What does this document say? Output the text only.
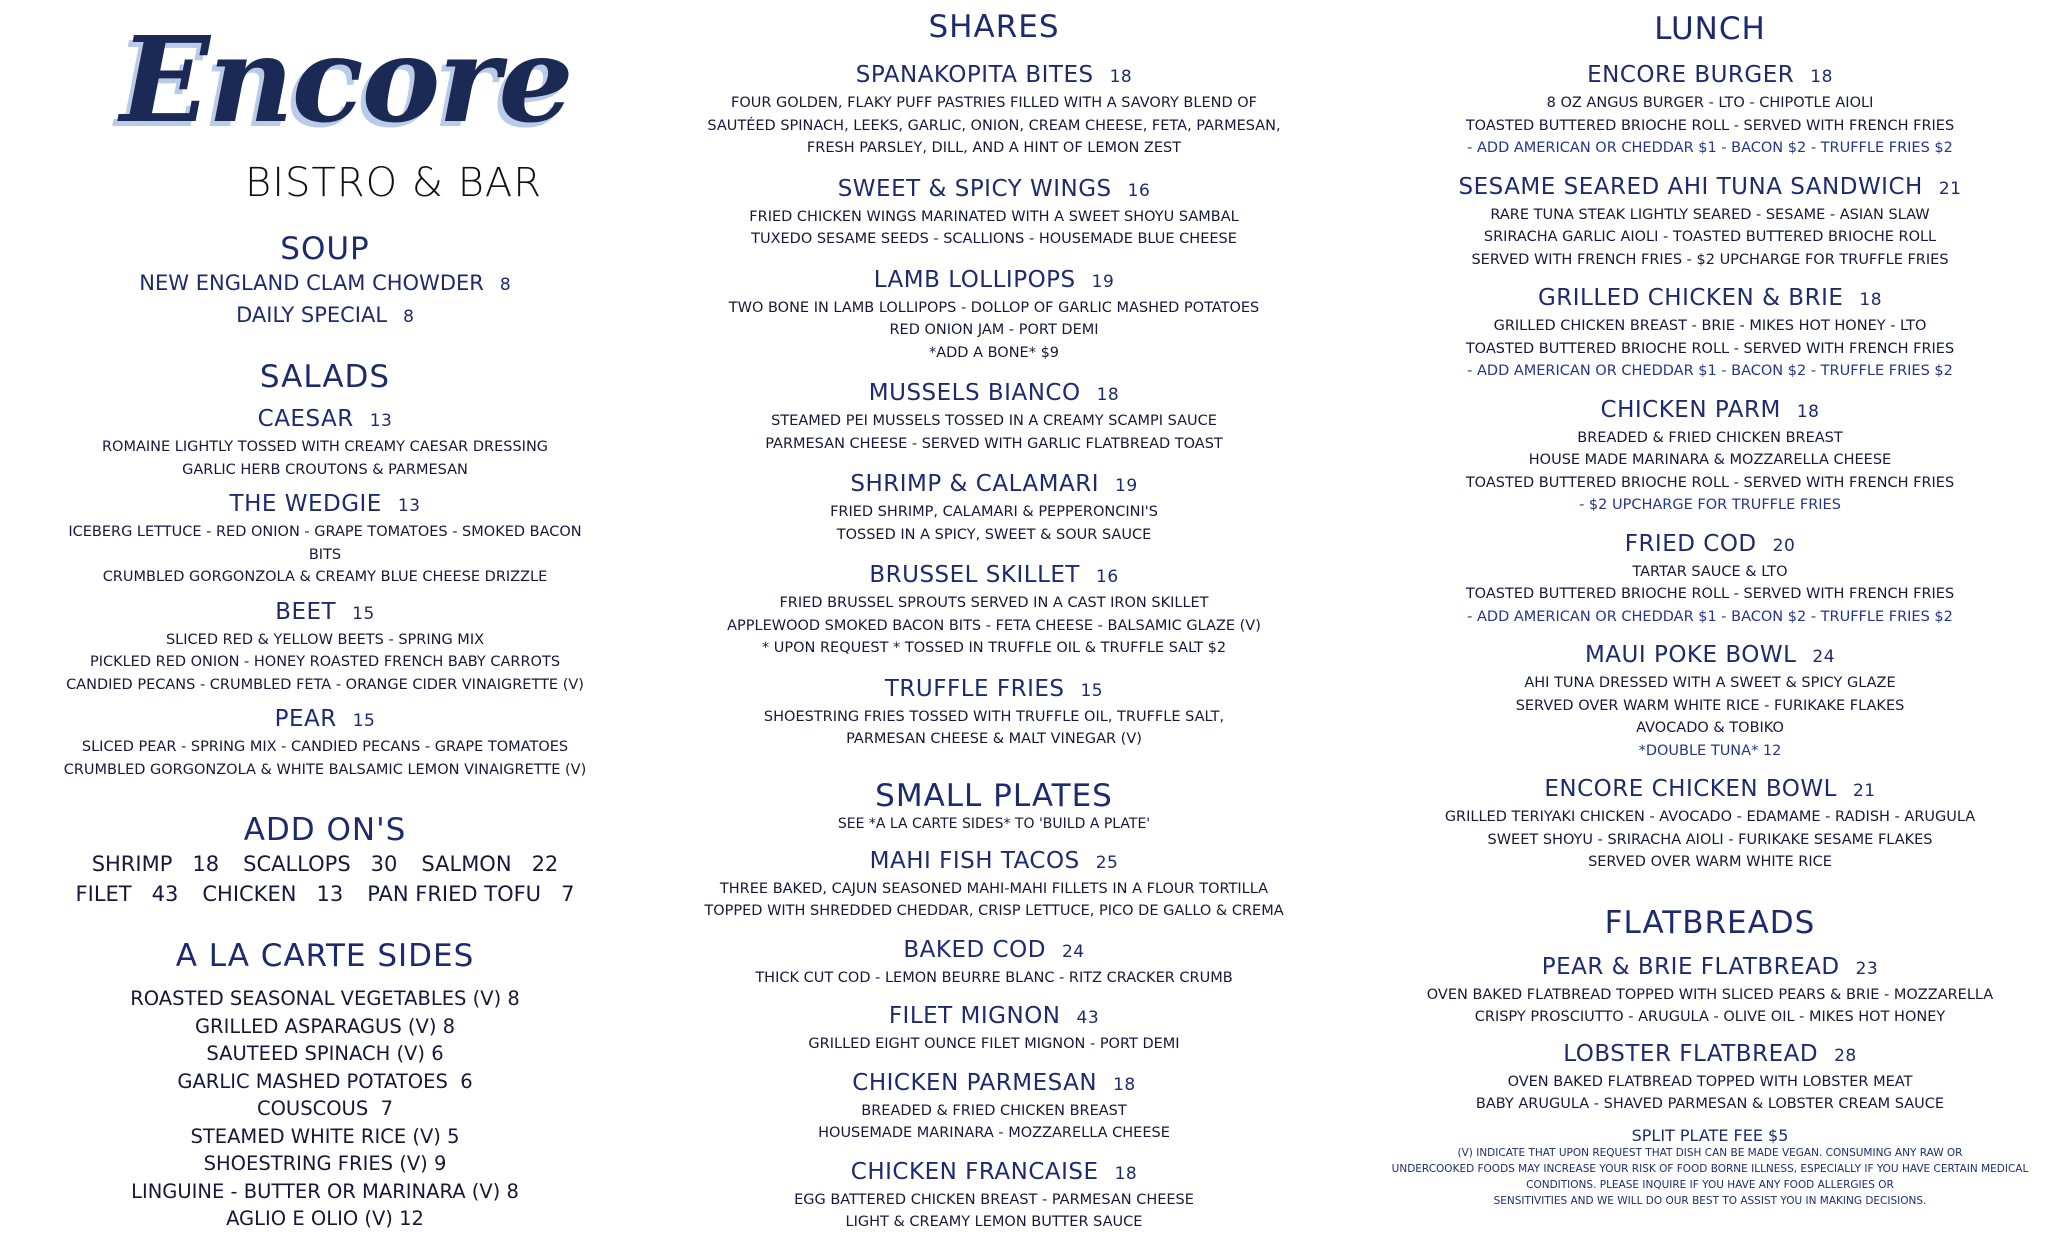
Encore
BISTRO & BAR
SOUP
NEW ENGLAND CLAM CHOWDER 8
DAILY SPECIAL 8
SALADS
CAESAR 13
ROMAINE LIGHTLY TOSSED WITH CREAMY CAESAR DRESSING
GARLIC HERB CROUTONS & PARMESAN
THE WEDGIE 13
ICEBERG LETTUCE - RED ONION - GRAPE TOMATOES - SMOKED BACON
BITS
CRUMBLED GORGONZOLA & CREAMY BLUE CHEESE DRIZZLE
BEET 15
SLICED RED & YELLOW BEETS - SPRING MIX
PICKLED RED ONION - HONEY ROASTED FRENCH BABY CARROTS
CANDIED PECANS - CRUMBLED FETA - ORANGE CIDER VINAIGRETTE (V)
PEAR 15
SLICED PEAR - SPRING MIX - CANDIED PECANS - GRAPE TOMATOES
CRUMBLED GORGONZOLA & WHITE BALSAMIC LEMON VINAIGRETTE (V)
ADD ON'S
SHRIMP   18 SCALLOPS   30 SALMON   22
FILET   43 CHICKEN   13 PAN FRIED TOFU   7
A LA CARTE SIDES
ROASTED SEASONAL VEGETABLES (V) 8
GRILLED ASPARAGUS (V) 8
SAUTEED SPINACH (V) 6
GARLIC MASHED POTATOES  6
COUSCOUS  7
STEAMED WHITE RICE (V) 5
SHOESTRING FRIES (V) 9
LINGUINE - BUTTER OR MARINARA (V) 8
AGLIO E OLIO (V) 12
SHARES
SPANAKOPITA BITES 18
FOUR GOLDEN, FLAKY PUFF PASTRIES FILLED WITH A SAVORY BLEND OF
SAUTÉED SPINACH, LEEKS, GARLIC, ONION, CREAM CHEESE, FETA, PARMESAN,
FRESH PARSLEY, DILL, AND A HINT OF LEMON ZEST
SWEET & SPICY WINGS 16
FRIED CHICKEN WINGS MARINATED WITH A SWEET SHOYU SAMBAL
TUXEDO SESAME SEEDS - SCALLIONS - HOUSEMADE BLUE CHEESE
LAMB LOLLIPOPS 19
TWO BONE IN LAMB LOLLIPOPS - DOLLOP OF GARLIC MASHED POTATOES
RED ONION JAM - PORT DEMI
*ADD A BONE* $9
MUSSELS BIANCO 18
STEAMED PEI MUSSELS TOSSED IN A CREAMY SCAMPI SAUCE
PARMESAN CHEESE - SERVED WITH GARLIC FLATBREAD TOAST
SHRIMP & CALAMARI 19
FRIED SHRIMP, CALAMARI & PEPPERONCINI'S
TOSSED IN A SPICY, SWEET & SOUR SAUCE
BRUSSEL SKILLET 16
FRIED BRUSSEL SPROUTS SERVED IN A CAST IRON SKILLET
APPLEWOOD SMOKED BACON BITS - FETA CHEESE - BALSAMIC GLAZE (V)
* UPON REQUEST * TOSSED IN TRUFFLE OIL & TRUFFLE SALT $2
TRUFFLE FRIES 15
SHOESTRING FRIES TOSSED WITH TRUFFLE OIL, TRUFFLE SALT,
PARMESAN CHEESE & MALT VINEGAR (V)
SMALL PLATES
SEE *A LA CARTE SIDES* TO 'BUILD A PLATE'
MAHI FISH TACOS 25
THREE BAKED, CAJUN SEASONED MAHI-MAHI FILLETS IN A FLOUR TORTILLA
TOPPED WITH SHREDDED CHEDDAR, CRISP LETTUCE, PICO DE GALLO & CREMA
BAKED COD 24
THICK CUT COD - LEMON BEURRE BLANC - RITZ CRACKER CRUMB
FILET MIGNON 43
GRILLED EIGHT OUNCE FILET MIGNON - PORT DEMI
CHICKEN PARMESAN 18
BREADED & FRIED CHICKEN BREAST
HOUSEMADE MARINARA - MOZZARELLA CHEESE
CHICKEN FRANCAISE 18
EGG BATTERED CHICKEN BREAST - PARMESAN CHEESE
LIGHT & CREAMY LEMON BUTTER SAUCE
LUNCH
ENCORE BURGER 18
8 OZ ANGUS BURGER - LTO - CHIPOTLE AIOLI
TOASTED BUTTERED BRIOCHE ROLL - SERVED WITH FRENCH FRIES
- ADD AMERICAN OR CHEDDAR $1 - BACON $2 - TRUFFLE FRIES $2
SESAME SEARED AHI TUNA SANDWICH 21
RARE TUNA STEAK LIGHTLY SEARED - SESAME - ASIAN SLAW
SRIRACHA GARLIC AIOLI - TOASTED BUTTERED BRIOCHE ROLL
SERVED WITH FRENCH FRIES - $2 UPCHARGE FOR TRUFFLE FRIES
GRILLED CHICKEN & BRIE 18
GRILLED CHICKEN BREAST - BRIE - MIKES HOT HONEY - LTO
TOASTED BUTTERED BRIOCHE ROLL - SERVED WITH FRENCH FRIES
- ADD AMERICAN OR CHEDDAR $1 - BACON $2 - TRUFFLE FRIES $2
CHICKEN PARM 18
BREADED & FRIED CHICKEN BREAST
HOUSE MADE MARINARA & MOZZARELLA CHEESE
TOASTED BUTTERED BRIOCHE ROLL - SERVED WITH FRENCH FRIES
- $2 UPCHARGE FOR TRUFFLE FRIES
FRIED COD 20
TARTAR SAUCE & LTO
TOASTED BUTTERED BRIOCHE ROLL - SERVED WITH FRENCH FRIES
- ADD AMERICAN OR CHEDDAR $1 - BACON $2 - TRUFFLE FRIES $2
MAUI POKE BOWL 24
AHI TUNA DRESSED WITH A SWEET & SPICY GLAZE
SERVED OVER WARM WHITE RICE - FURIKAKE FLAKES
AVOCADO & TOBIKO
*DOUBLE TUNA* 12
ENCORE CHICKEN BOWL 21
GRILLED TERIYAKI CHICKEN - AVOCADO - EDAMAME - RADISH - ARUGULA
SWEET SHOYU - SRIRACHA AIOLI - FURIKAKE SESAME FLAKES
SERVED OVER WARM WHITE RICE
FLATBREADS
PEAR & BRIE FLATBREAD 23
OVEN BAKED FLATBREAD TOPPED WITH SLICED PEARS & BRIE - MOZZARELLA
CRISPY PROSCIUTTO - ARUGULA - OLIVE OIL - MIKES HOT HONEY
LOBSTER FLATBREAD 28
OVEN BAKED FLATBREAD TOPPED WITH LOBSTER MEAT
BABY ARUGULA - SHAVED PARMESAN & LOBSTER CREAM SAUCE
SPLIT PLATE FEE $5
(V) INDICATE THAT UPON REQUEST THAT DISH CAN BE MADE VEGAN. CONSUMING ANY RAW OR
UNDERCOOKED FOODS MAY INCREASE YOUR RISK OF FOOD BORNE ILLNESS, ESPECIALLY IF YOU HAVE CERTAIN MEDICAL
CONDITIONS. PLEASE INQUIRE IF YOU HAVE ANY FOOD ALLERGIES OR
SENSITIVITIES AND WE WILL DO OUR BEST TO ASSIST YOU IN MAKING DECISIONS.
